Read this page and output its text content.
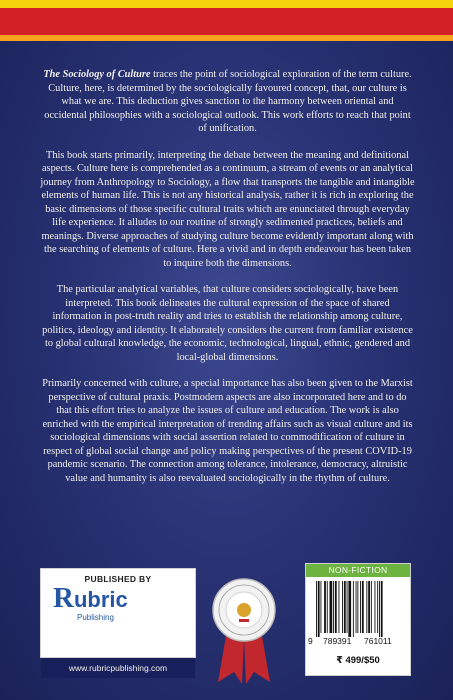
The Sociology of Culture traces the point of sociological exploration of the term culture. Culture, here, is determined by the sociologically favoured concept, that, our culture is what we are. This deduction gives sanction to the harmony between oriental and occidental philosophies with a sociological outlook. This work efforts to reach that point of unification.

This book starts primarily, interpreting the debate between the meaning and definitional aspects. Culture here is comprehended as a continuum, a stream of events or an analytical journey from Anthropology to Sociology, a flow that transports the tangible and intangible elements of human life. This is not any historical analysis, rather it is rich in exploring the basic dimensions of those specific cultural traits which are enunciated through everyday life experience. It alludes to our routine of strongly sedimented practices, beliefs and meanings. Diverse approaches of studying culture become evidently important along with the searching of elements of culture. Here a vivid and in depth endeavour has been taken to inquire both the dimensions.

The particular analytical variables, that culture considers sociologically, have been interpreted. This book delineates the cultural expression of the space of shared information in post-truth reality and tries to establish the relationship among culture, politics, ideology and identity. It elaborately considers the current from familiar existence to global cultural knowledge, the economic, technological, lingual, ethnic, gendered and local-global dimensions.

Primarily concerned with culture, a special importance has also been given to the Marxist perspective of cultural praxis. Postmodern aspects are also incorporated here and to do that this effort tries to analyze the issues of culture and education. The work is also enriched with the empirical interpretation of trending affairs such as visual culture and its sociological dimensions with social assertion related to commodification of culture in respect of global social change and policy making perspectives of the present COVID-19 pandemic scenario. The connection among tolerance, intolerance, democracy, altruistic value and humanity is also reevaluated sociologically in the rhythm of culture.

PUBLISHED BY
Rubric
Publishing
www.rubricpublishing.com
NON-FICTION
9 789391 761011
₹ 499/$50
